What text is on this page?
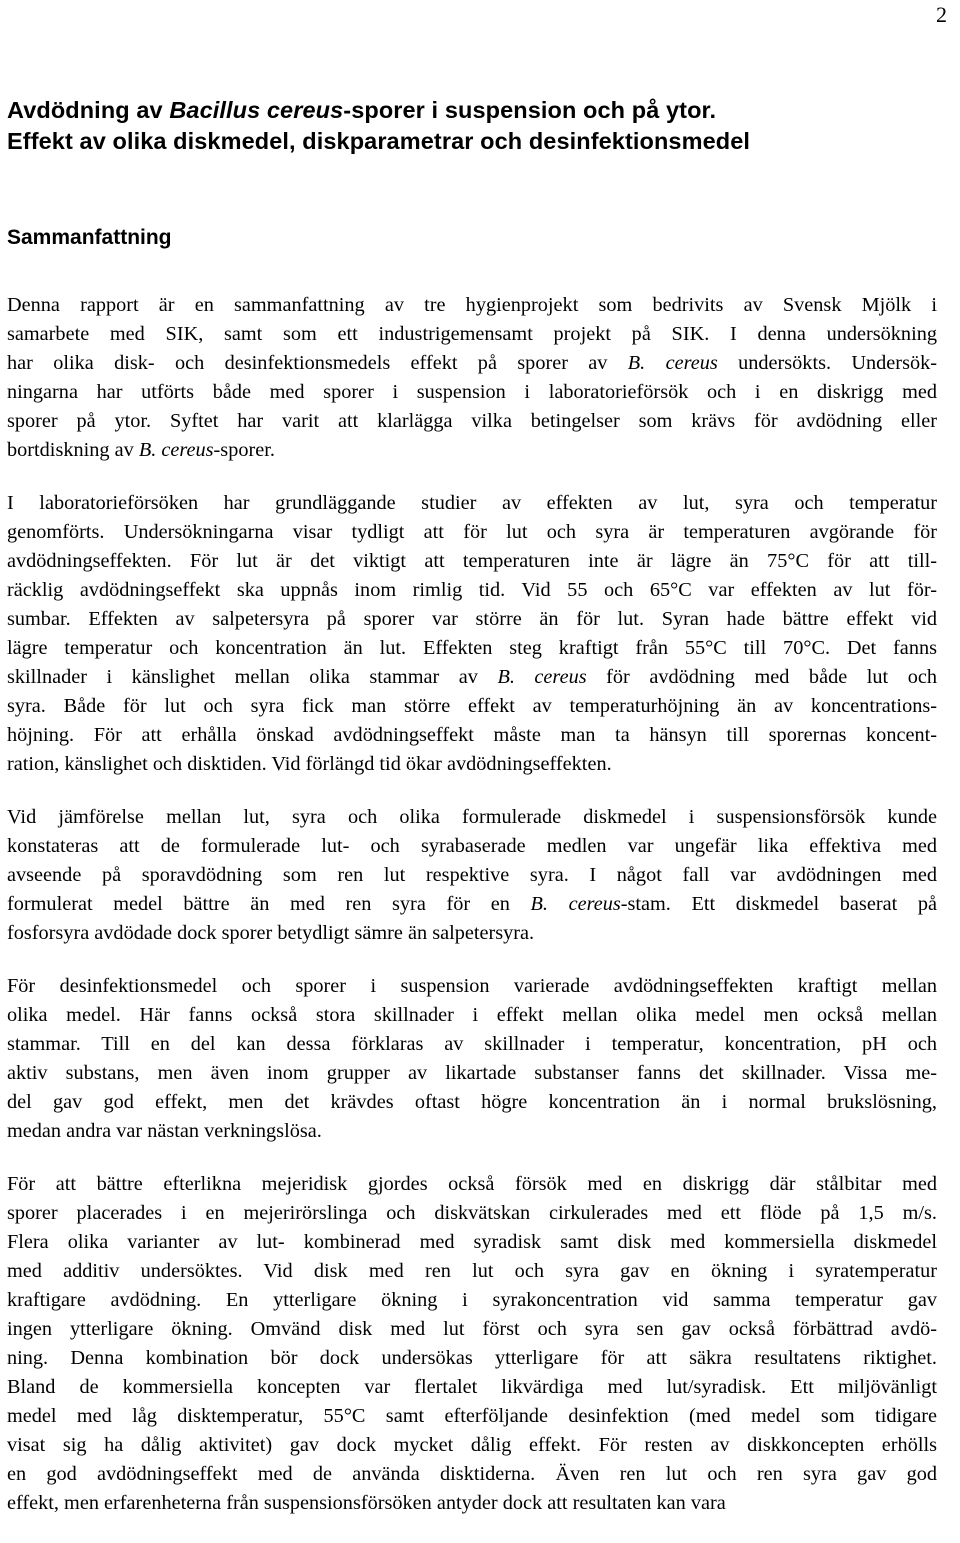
2
Avdödning av Bacillus cereus-sporer i suspension och på ytor.
Effekt av olika diskmedel, diskparametrar och desinfektionsmedel
Sammanfattning

Denna rapport är en sammanfattning av tre hygienprojekt som bedrivits av Svensk Mjölk i
samarbete med SIK, samt som ett industrigemensamt projekt på SIK. I denna undersökning
har olika disk- och desinfektionsmedels effekt på sporer av B. cereus undersökts. Undersök-
ningarna har utförts både med sporer i suspension i laboratorieförsök och i en diskrigg med
sporer på ytor. Syftet har varit att klarlägga vilka betingelser som krävs för avdödning eller
bortdiskning av B. cereus-sporer.

I laboratorieförsöken har grundläggande studier av effekten av lut, syra och temperatur
genomförts. Undersökningarna visar tydligt att för lut och syra är temperaturen avgörande för
avdödningseffekten. För lut är det viktigt att temperaturen inte är lägre än 75°C för att till-
räcklig avdödningseffekt ska uppnås inom rimlig tid. Vid 55 och 65°C var effekten av lut för-
sumbar. Effekten av salpetersyra på sporer var större än för lut. Syran hade bättre effekt vid
lägre temperatur och koncentration än lut. Effekten steg kraftigt från 55°C till 70°C. Det fanns
skillnader i känslighet mellan olika stammar av B. cereus för avdödning med både lut och
syra. Både för lut och syra fick man större effekt av temperaturhöjning än av koncentrations-
höjning. För att erhålla önskad avdödningseffekt måste man ta hänsyn till sporernas koncent-
ration, känslighet och disktiden. Vid förlängd tid ökar avdödningseffekten.

Vid jämförelse mellan lut, syra och olika formulerade diskmedel i suspensionsförsök kunde
konstateras att de formulerade lut- och syrabaserade medlen var ungefär lika effektiva med
avseende på sporavdödning som ren lut respektive syra. I något fall var avdödningen med
formulerat medel bättre än med ren syra för en B. cereus-stam. Ett diskmedel baserat på
fosforsyra avdödade dock sporer betydligt sämre än salpetersyra.

För desinfektionsmedel och sporer i suspension varierade avdödningseffekten kraftigt mellan
olika medel. Här fanns också stora skillnader i effekt mellan olika medel men också mellan
stammar. Till en del kan dessa förklaras av skillnader i temperatur, koncentration, pH och
aktiv substans, men även inom grupper av likartade substanser fanns det skillnader. Vissa me-
del gav god effekt, men det krävdes oftast högre koncentration än i normal brukslösning,
medan andra var nästan verkningslösa.

För att bättre efterlikna mejeridisk gjordes också försök med en diskrigg där stålbitar med
sporer placerades i en mejerirörslinga och diskvätskan cirkulerades med ett flöde på 1,5 m/s.
Flera olika varianter av lut- kombinerad med syradisk samt disk med kommersiella diskmedel
med additiv undersöktes. Vid disk med ren lut och syra gav en ökning i syratemperatur
kraftigare avdödning. En ytterligare ökning i syrakoncentration vid samma temperatur gav
ingen ytterligare ökning. Omvänd disk med lut först och syra sen gav också förbättrad avdö-
ning. Denna kombination bör dock undersökas ytterligare för att säkra resultatens riktighet.
Bland de kommersiella koncepten var flertalet likvärdiga med lut/syradisk. Ett miljövänligt
medel med låg disktemperatur, 55°C samt efterföljande desinfektion (med medel som tidigare
visat sig ha dålig aktivitet) gav dock mycket dålig effekt. För resten av diskkoncepten erhölls
en god avdödningseffekt med de använda disktiderna. Även ren lut och ren syra gav god
effekt, men erfarenheterna från suspensionsförsöken antyder dock att resultaten kan vara
